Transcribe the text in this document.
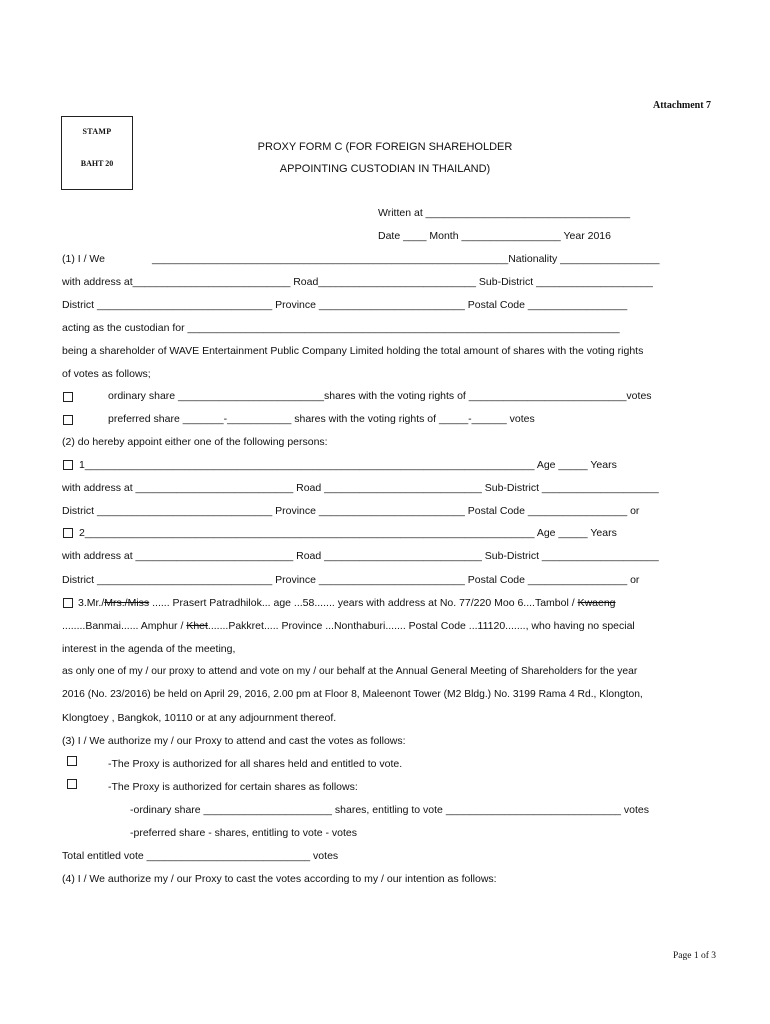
Attachment 7
STAMP
BAHT 20
PROXY FORM C (FOR FOREIGN SHAREHOLDER
APPOINTING CUSTODIAN IN THAILAND)
Written at ___________________________________
Date ____ Month _________________ Year 2016
(1) I / We	_____________________________________________________________Nationality _________________
with address at___________________________ Road___________________________ Sub-District ____________________
District ______________________________ Province _________________________ Postal Code _________________
acting as the custodian for __________________________________________________________________________
being a shareholder of WAVE Entertainment Public Company Limited holding the total amount of shares with the voting rights
of votes as follows;
ordinary share _________________________shares with the voting rights of ___________________________votes
preferred share _______-___________ shares with the voting rights of _____-______ votes
(2) do hereby appoint either one of the following persons:
1_____________________________________________________________________________ Age _____ Years
with address at ___________________________ Road ___________________________ Sub-District ____________________
District ______________________________ Province _________________________ Postal Code _________________ or
2_____________________________________________________________________________ Age _____ Years
with address at ___________________________ Road ___________________________ Sub-District ____________________
District ______________________________ Province _________________________ Postal Code _________________ or
3.Mr./Mrs./Miss ...... Prasert Patradhilok... age ...58....... years with address at No. 77/220 Moo 6....Tambol / Kwaeng
........Banmai...... Amphur / Khet.......Pakkret..... Province ...Nonthaburi....... Postal Code ...11120......., who having no special
interest in the agenda of the meeting,
as only one of my / our proxy to attend and vote on my / our behalf at the Annual General Meeting of Shareholders for the year
2016 (No. 23/2016) be held on April 29, 2016, 2.00 pm at Floor 8, Maleenont Tower (M2 Bldg.) No. 3199 Rama 4 Rd., Klongton,
Klongtoey , Bangkok, 10110 or at any adjournment thereof.
(3) I / We authorize my / our Proxy to attend and cast the votes as follows:
-The Proxy is authorized for all shares held and entitled to vote.
-The Proxy is authorized for certain shares as follows:
-ordinary share ______________________ shares, entitling to vote ______________________________ votes
-preferred share - shares, entitling to vote - votes
Total entitled vote ____________________________ votes
(4) I / We authorize my / our Proxy to cast the votes according to my / our intention as follows:
Page 1 of 3
